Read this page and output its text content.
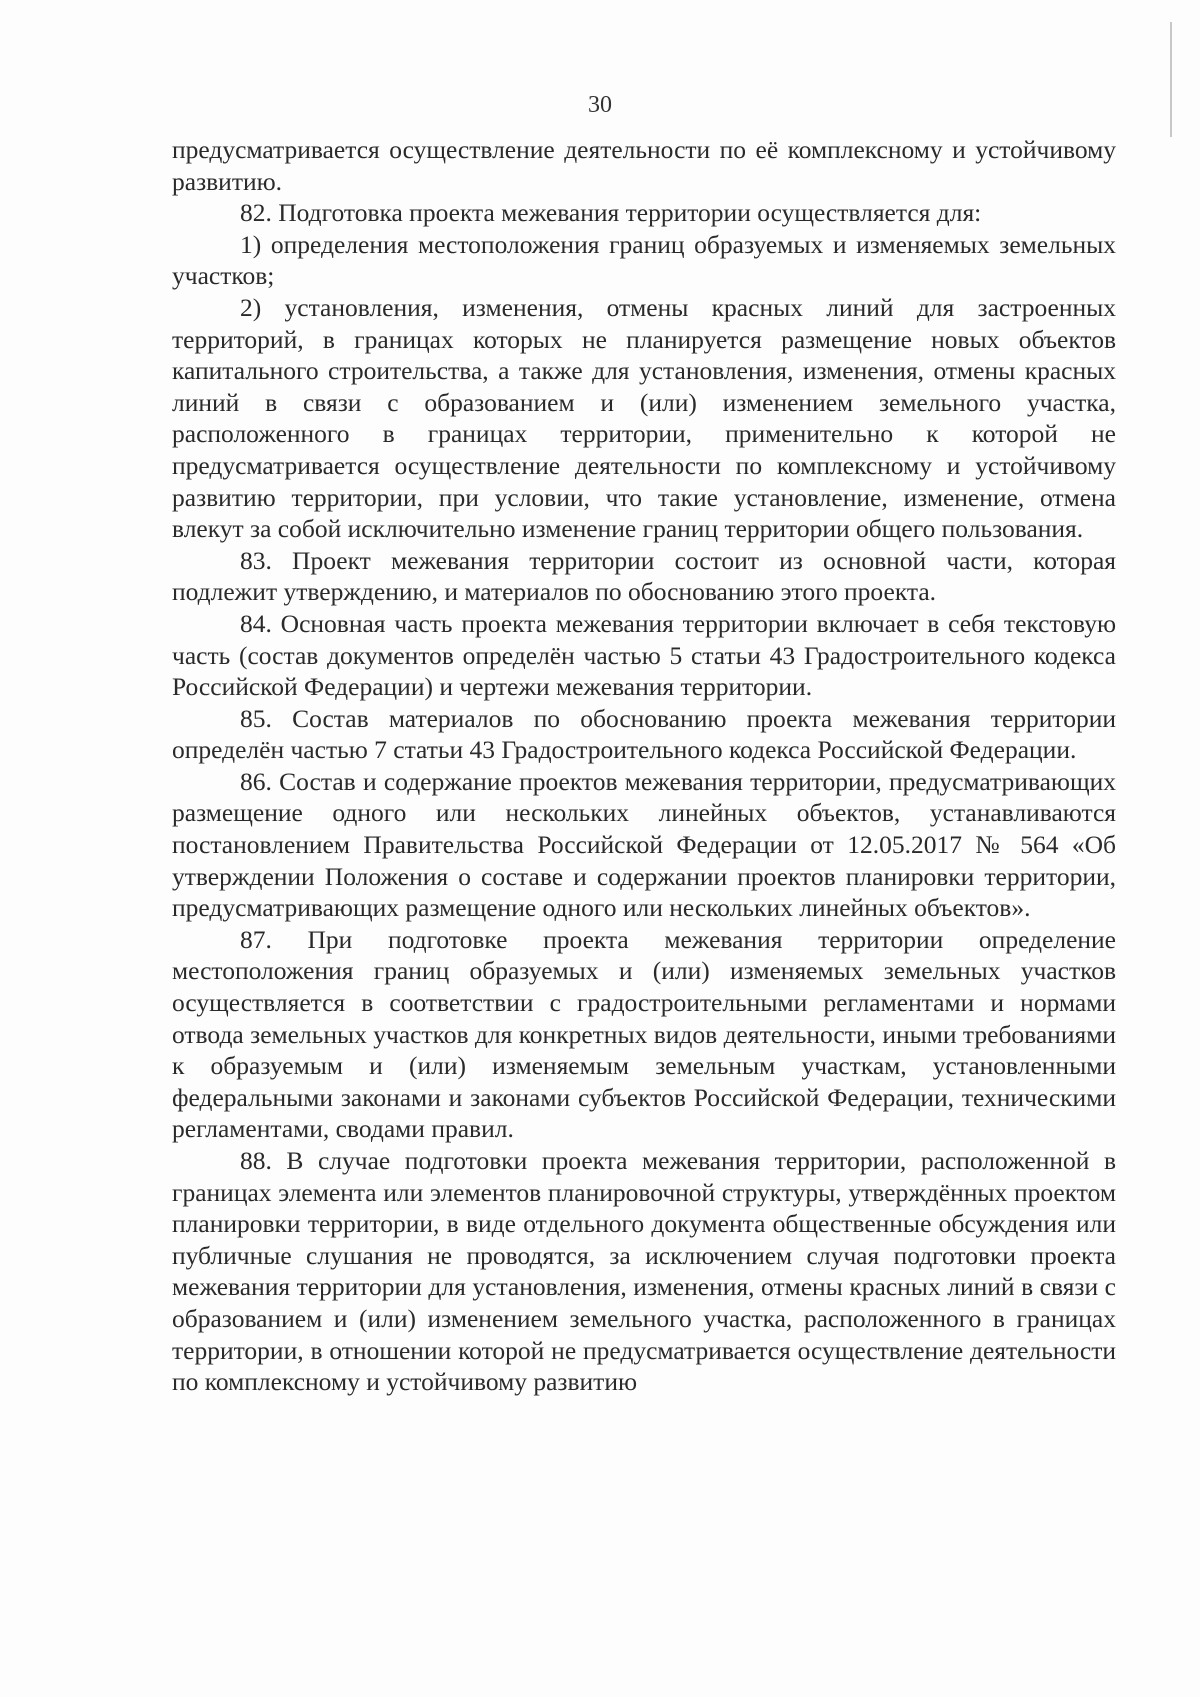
30

предусматривается осуществление деятельности по её комплексному и устойчивому развитию.

82. Подготовка проекта межевания территории осуществляется для:

1) определения местоположения границ образуемых и изменяемых земельных участков;

2) установления, изменения, отмены красных линий для застроенных территорий, в границах которых не планируется размещение новых объектов капитального строительства, а также для установления, изменения, отмены красных линий в связи с образованием и (или) изменением земельного участка, расположенного в границах территории, применительно к которой не предусматривается осуществление деятельности по комплексному и устойчивому развитию территории, при условии, что такие установление, изменение, отмена влекут за собой исключительно изменение границ территории общего пользования.

83. Проект межевания территории состоит из основной части, которая подлежит утверждению, и материалов по обоснованию этого проекта.

84. Основная часть проекта межевания территории включает в себя текстовую часть (состав документов определён частью 5 статьи 43 Градостроительного кодекса Российской Федерации) и чертежи межевания территории.

85. Состав материалов по обоснованию проекта межевания территории определён частью 7 статьи 43 Градостроительного кодекса Российской Федерации.

86. Состав и содержание проектов межевания территории, предусматривающих размещение одного или нескольких линейных объектов, устанавливаются постановлением Правительства Российской Федерации от 12.05.2017 № 564 «Об утверждении Положения о составе и содержании проектов планировки территории, предусматривающих размещение одного или нескольких линейных объектов».

87. При подготовке проекта межевания территории определение местоположения границ образуемых и (или) изменяемых земельных участков осуществляется в соответствии с градостроительными регламентами и нормами отвода земельных участков для конкретных видов деятельности, иными требованиями к образуемым и (или) изменяемым земельным участкам, установленными федеральными законами и законами субъектов Российской Федерации, техническими регламентами, сводами правил.

88. В случае подготовки проекта межевания территории, расположенной в границах элемента или элементов планировочной структуры, утверждённых проектом планировки территории, в виде отдельного документа общественные обсуждения или публичные слушания не проводятся, за исключением случая подготовки проекта межевания территории для установления, изменения, отмены красных линий в связи с образованием и (или) изменением земельного участка, расположенного в границах территории, в отношении которой не предусматривается осуществление деятельности по комплексному и устойчивому развитию
